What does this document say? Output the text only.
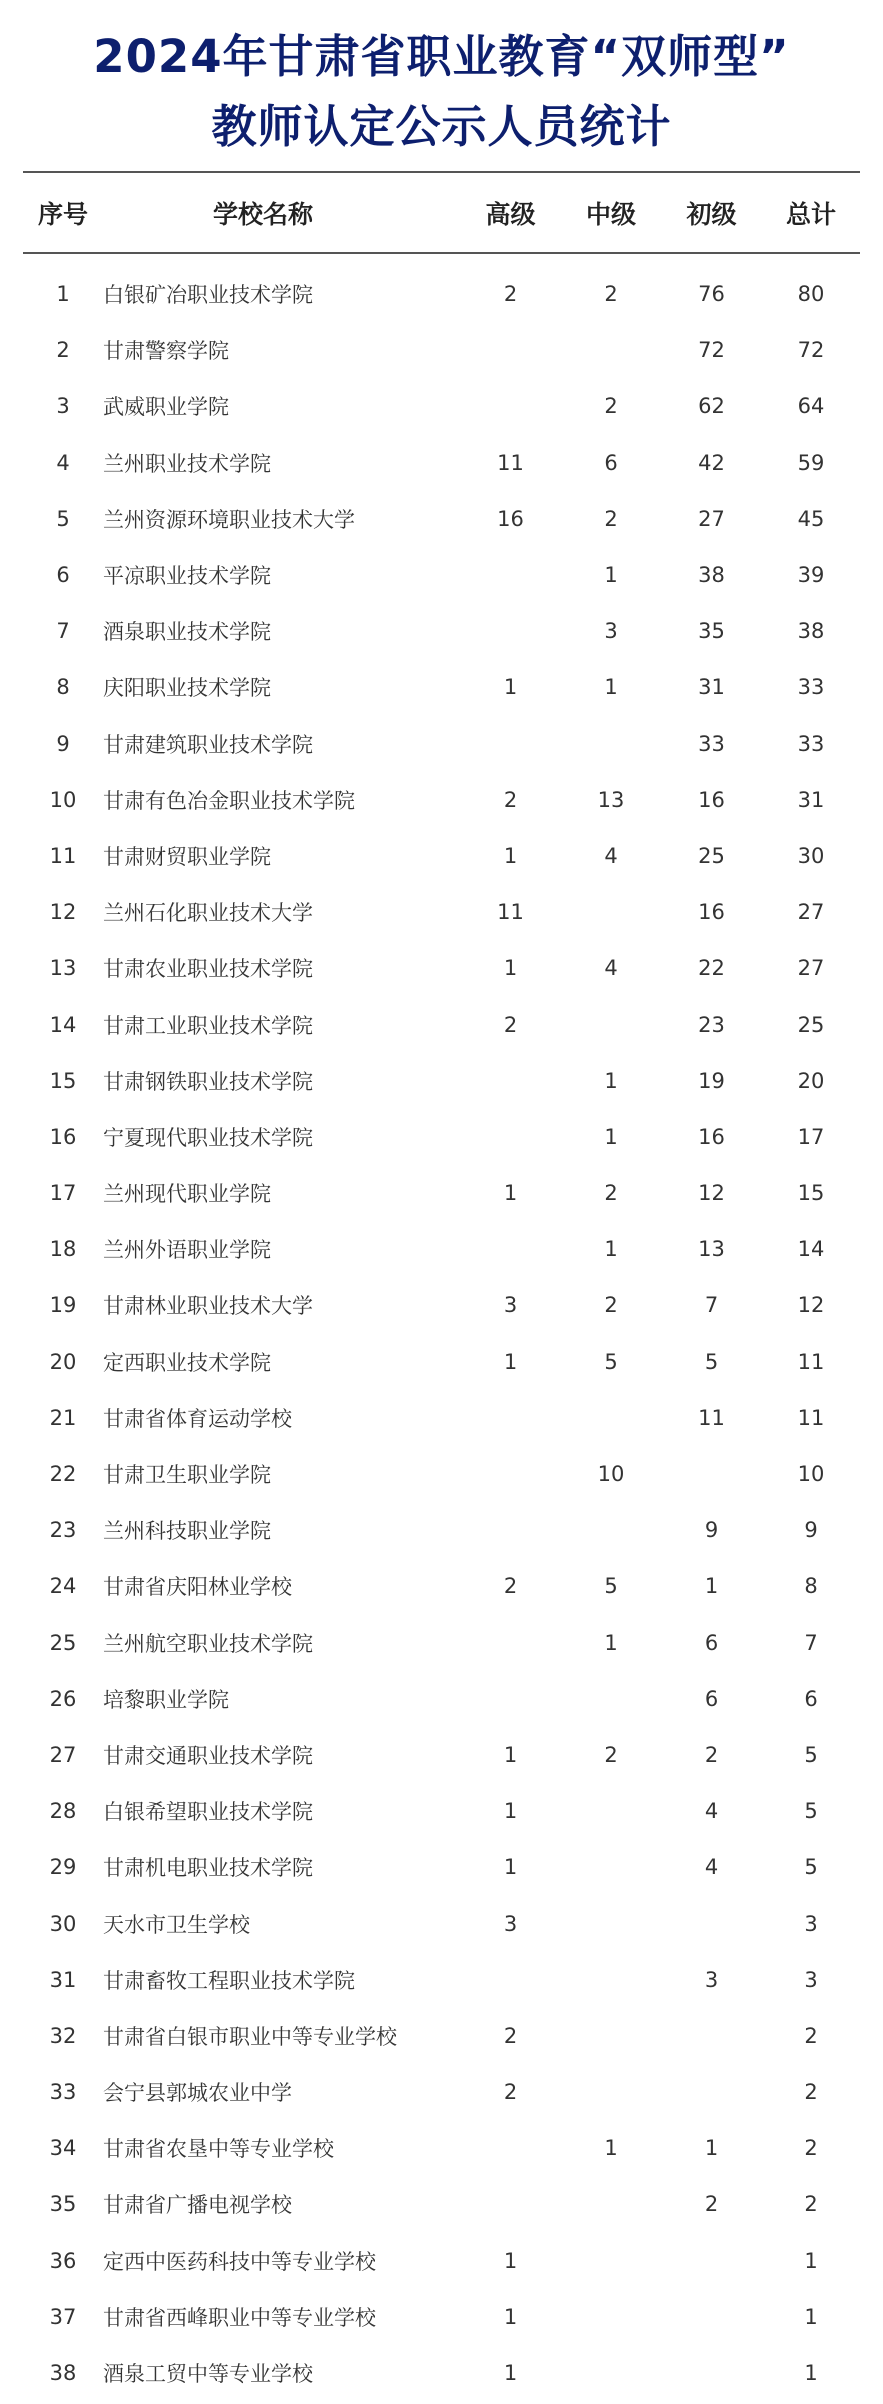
2024年甘肃省职业教育“双师型”
教师认定公示人员统计
序号	学校名称	高级	中级	初级	总计
1	白银矿冶职业技术学院	2	2	76	80
2	甘肃警察学院			72	72
3	武威职业学院		2	62	64
4	兰州职业技术学院	11	6	42	59
5	兰州资源环境职业技术大学	16	2	27	45
6	平凉职业技术学院		1	38	39
7	酒泉职业技术学院		3	35	38
8	庆阳职业技术学院	1	1	31	33
9	甘肃建筑职业技术学院			33	33
10	甘肃有色冶金职业技术学院	2	13	16	31
11	甘肃财贸职业学院	1	4	25	30
12	兰州石化职业技术大学	11		16	27
13	甘肃农业职业技术学院	1	4	22	27
14	甘肃工业职业技术学院	2		23	25
15	甘肃钢铁职业技术学院		1	19	20
16	宁夏现代职业技术学院		1	16	17
17	兰州现代职业学院	1	2	12	15
18	兰州外语职业学院		1	13	14
19	甘肃林业职业技术大学	3	2	7	12
20	定西职业技术学院	1	5	5	11
21	甘肃省体育运动学校			11	11
22	甘肃卫生职业学院		10		10
23	兰州科技职业学院			9	9
24	甘肃省庆阳林业学校	2	5	1	8
25	兰州航空职业技术学院		1	6	7
26	培黎职业学院			6	6
27	甘肃交通职业技术学院	1	2	2	5
28	白银希望职业技术学院	1		4	5
29	甘肃机电职业技术学院	1		4	5
30	天水市卫生学校	3			3
31	甘肃畜牧工程职业技术学院			3	3
32	甘肃省白银市职业中等专业学校	2			2
33	会宁县郭城农业中学	2			2
34	甘肃省农垦中等专业学校		1	1	2
35	甘肃省广播电视学校			2	2
36	定西中医药科技中等专业学校	1			1
37	甘肃省西峰职业中等专业学校	1			1
38	酒泉工贸中等专业学校	1			1
